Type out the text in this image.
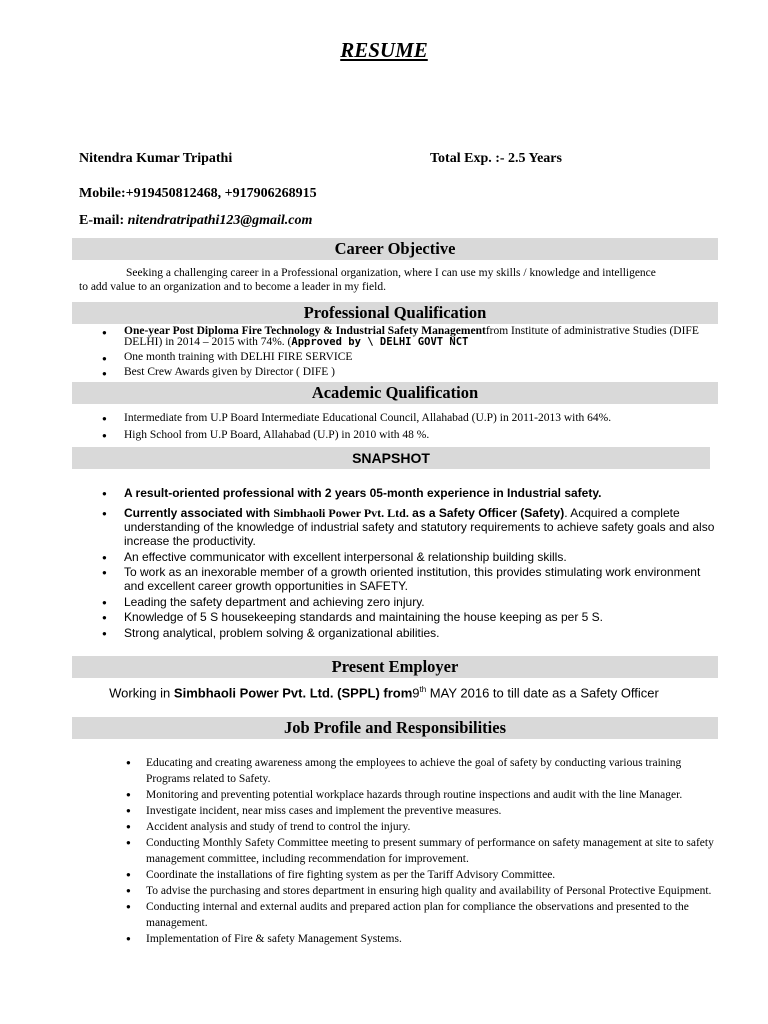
RESUME
Nitendra Kumar Tripathi	Total Exp. :- 2.5 Years
Mobile:+919450812468, +917906268915
E-mail: nitendratripathi123@gmail.com
Career Objective
Seeking a challenging career in a Professional organization, where I can use my skills / knowledge and intelligence
to add value to an organization and to become a leader in my field.
Professional Qualification
● One-year Post Diploma Fire Technology & Industrial Safety Managementfrom Institute of administrative Studies (DIFE DELHI) in 2014 – 2015 with 74%. (Approved by \ DELHI GOVT NCT
● One month training with DELHI FIRE SERVICE
● Best Crew Awards given by Director ( DIFE )
Academic Qualification
● Intermediate from U.P Board Intermediate Educational Council, Allahabad (U.P) in 2011-2013 with 64%.
● High School from U.P Board, Allahabad (U.P) in 2010 with 48 %.
SNAPSHOT
● A result-oriented professional with 2 years 05-month experience in Industrial safety.
● Currently associated with Simbhaoli Power Pvt. Ltd. as a Safety Officer (Safety). Acquired a complete understanding of the knowledge of industrial safety and statutory requirements to achieve safety goals and also increase the productivity.
● An effective communicator with excellent interpersonal & relationship building skills.
● To work as an inexorable member of a growth oriented institution, this provides stimulating work environment and excellent career growth opportunities in SAFETY.
● Leading the safety department and achieving zero injury.
● Knowledge of 5 S housekeeping standards and maintaining the house keeping as per 5 S.
● Strong analytical, problem solving & organizational abilities.
Present Employer
Working in Simbhaoli Power Pvt. Ltd. (SPPL) from9th MAY 2016 to till date as a Safety Officer
Job Profile and Responsibilities
● Educating and creating awareness among the employees to achieve the goal of safety by conducting various training Programs related to Safety.
● Monitoring and preventing potential workplace hazards through routine inspections and audit with the line Manager.
● Investigate incident, near miss cases and implement the preventive measures.
● Accident analysis and study of trend to control the injury.
● Conducting Monthly Safety Committee meeting to present summary of performance on safety management at site to safety management committee, including recommendation for improvement.
● Coordinate the installations of fire fighting system as per the Tariff Advisory Committee.
● To advise the purchasing and stores department in ensuring high quality and availability of Personal Protective Equipment.
● Conducting internal and external audits and prepared action plan for compliance the observations and presented to the management.
● Implementation of Fire & safety Management Systems.
